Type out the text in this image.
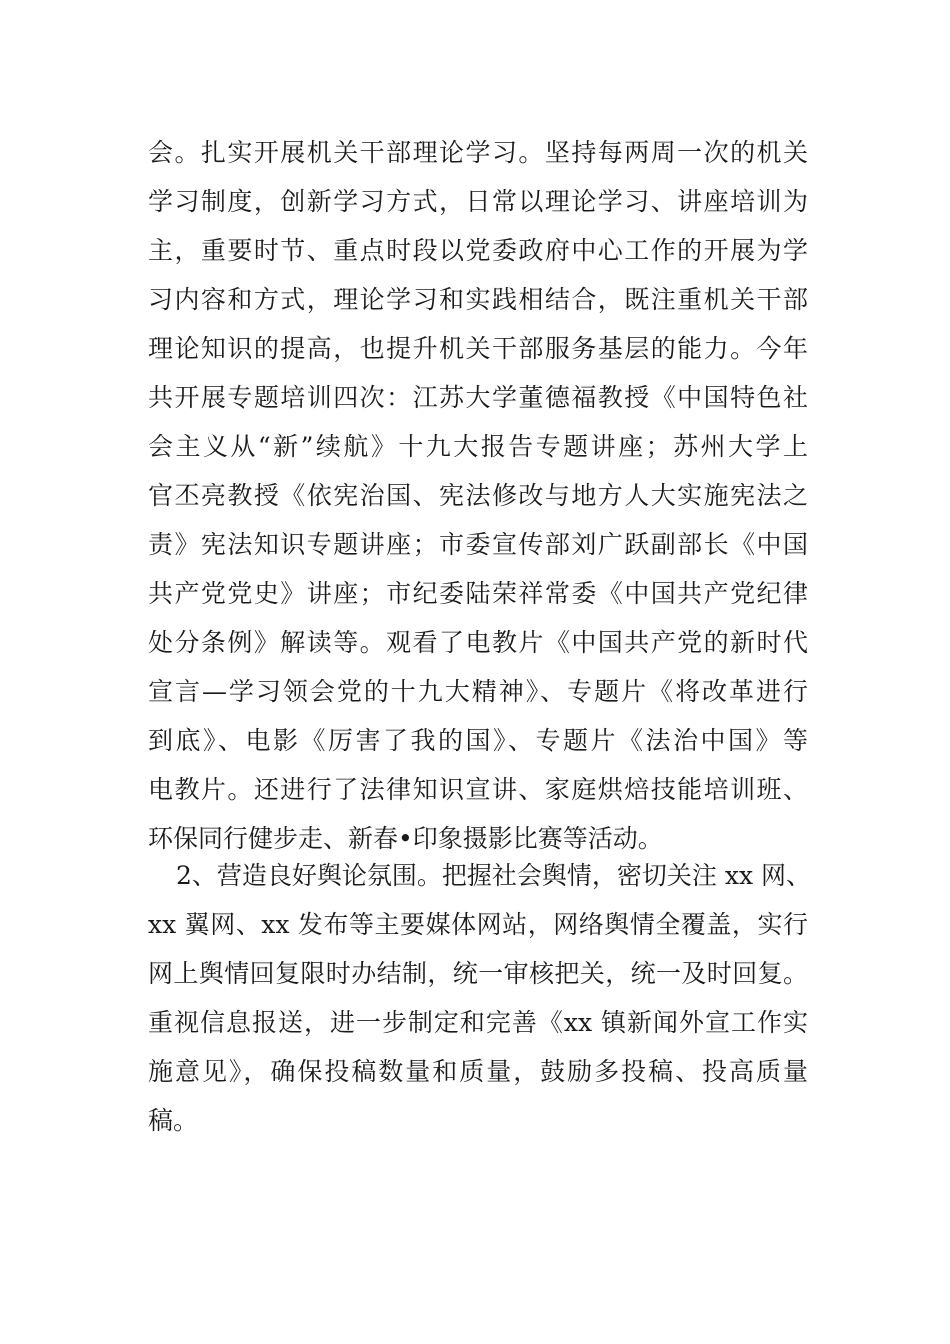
会。扎实开展机关干部理论学习。坚持每两周一次的机关
学习制度，创新学习方式，日常以理论学习、讲座培训为
主，重要时节、重点时段以党委政府中心工作的开展为学
习内容和方式，理论学习和实践相结合，既注重机关干部
理论知识的提高，也提升机关干部服务基层的能力。今年
共开展专题培训四次：江苏大学董德福教授《中国特色社
会主义从“新”续航》十九大报告专题讲座；苏州大学上
官丕亮教授《依宪治国、宪法修改与地方人大实施宪法之
责》宪法知识专题讲座；市委宣传部刘广跃副部长《中国
共产党党史》讲座；市纪委陆荣祥常委《中国共产党纪律
处分条例》解读等。观看了电教片《中国共产党的新时代
宣言—学习领会党的十九大精神》、专题片《将改革进行
到底》、电影《厉害了我的国》、专题片《法治中国》等
电教片。还进行了法律知识宣讲、家庭烘焙技能培训班、
环保同行健步走、新春•印象摄影比赛等活动。
2、营造良好舆论氛围。把握社会舆情，密切关注 xx 网、
xx 翼网、xx 发布等主要媒体网站，网络舆情全覆盖，实行
网上舆情回复限时办结制，统一审核把关，统一及时回复。
重视信息报送，进一步制定和完善《xx 镇新闻外宣工作实
施意见》，确保投稿数量和质量，鼓励多投稿、投高质量
稿。
